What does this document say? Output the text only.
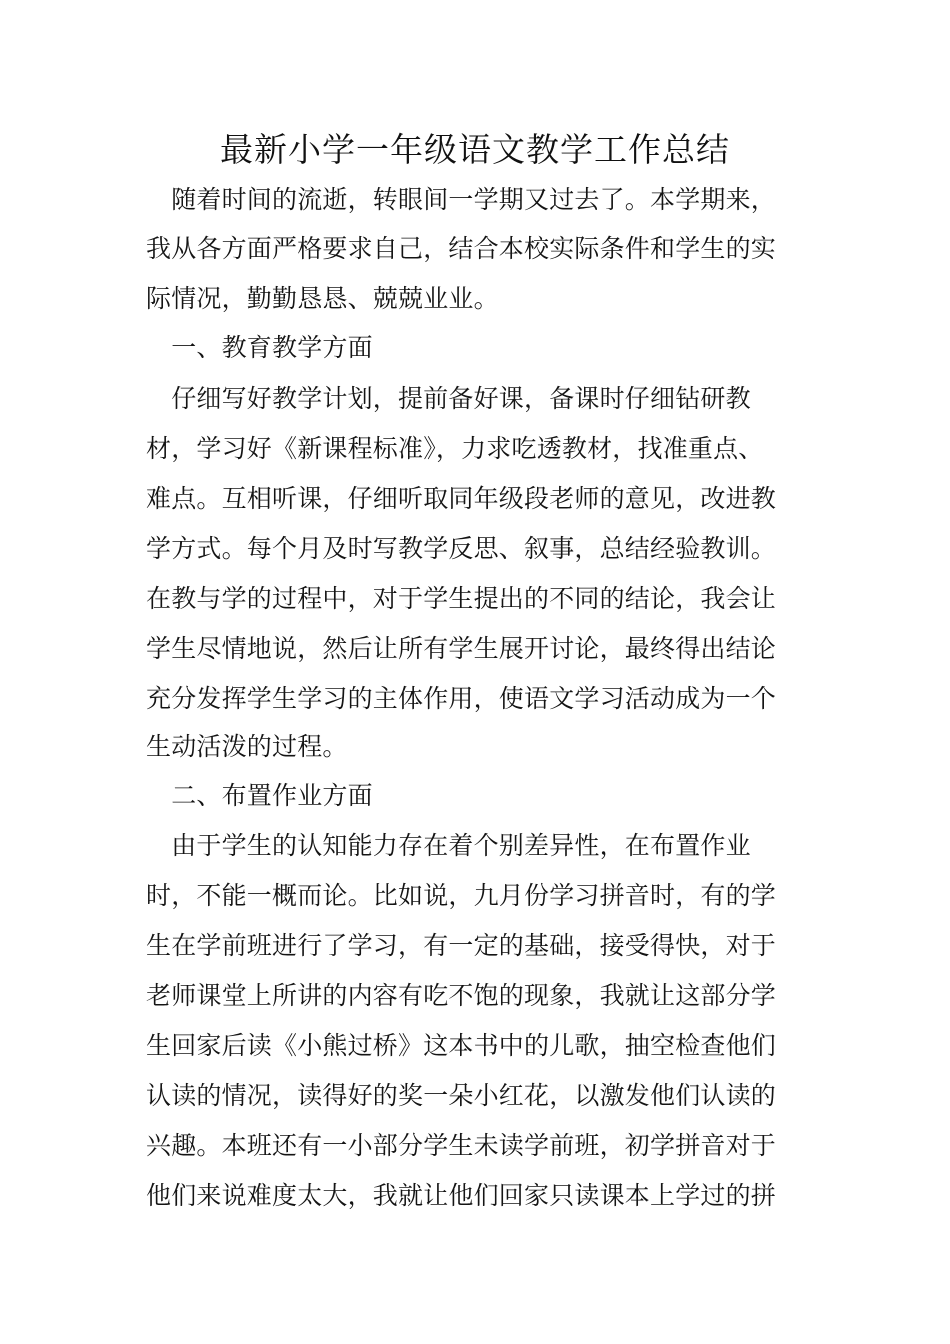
最新小学一年级语文教学工作总结
　随着时间的流逝，转眼间一学期又过去了。本学期来，
我从各方面严格要求自己，结合本校实际条件和学生的实
际情况，勤勤恳恳、兢兢业业。
　一、教育教学方面
　仔细写好教学计划，提前备好课，备课时仔细钻研教
材，学习好《新课程标准》，力求吃透教材，找准重点、
难点。互相听课，仔细听取同年级段老师的意见，改进教
学方式。每个月及时写教学反思、叙事，总结经验教训。
在教与学的过程中，对于学生提出的不同的结论，我会让
学生尽情地说，然后让所有学生展开讨论，最终得出结论
充分发挥学生学习的主体作用，使语文学习活动成为一个
生动活泼的过程。
　二、布置作业方面
　由于学生的认知能力存在着个别差异性，在布置作业
时，不能一概而论。比如说，九月份学习拼音时，有的学
生在学前班进行了学习，有一定的基础，接受得快，对于
老师课堂上所讲的内容有吃不饱的现象，我就让这部分学
生回家后读《小熊过桥》这本书中的儿歌，抽空检查他们
认读的情况，读得好的奖一朵小红花，以激发他们认读的
兴趣。本班还有一小部分学生未读学前班，初学拼音对于
他们来说难度太大，我就让他们回家只读课本上学过的拼
